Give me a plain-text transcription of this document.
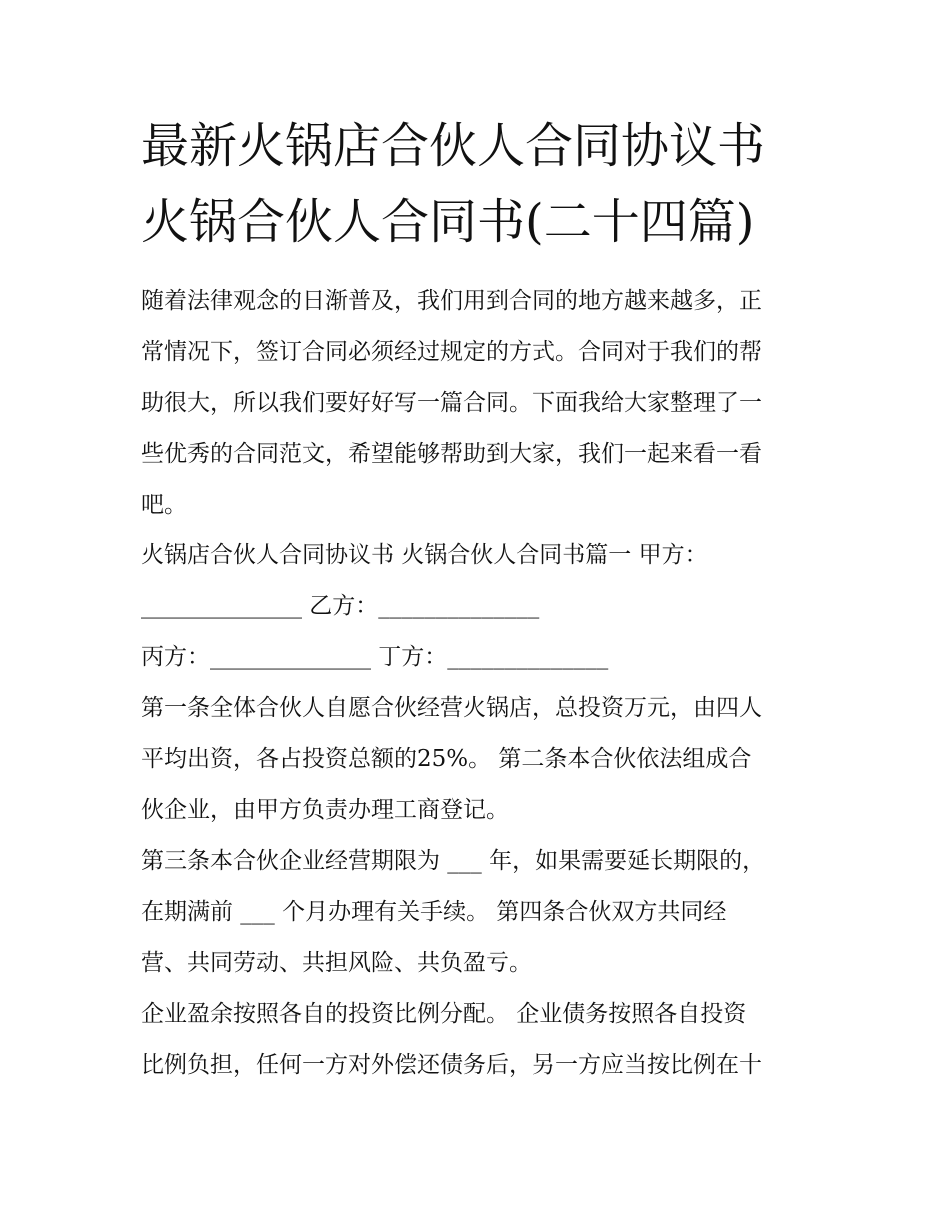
最新火锅店合伙人合同协议书
火锅合伙人合同书(二十四篇)

随着法律观念的日渐普及，我们用到合同的地方越来越多，正

常情况下，签订合同必须经过规定的方式。合同对于我们的帮

助很大，所以我们要好好写一篇合同。下面我给大家整理了一

些优秀的合同范文，希望能够帮助到大家，我们一起来看一看

吧。

火锅店合伙人合同协议书 火锅合伙人合同书篇一 甲方：

______________ 乙方：______________

丙方：______________ 丁方：______________

第一条全体合伙人自愿合伙经营火锅店，总投资万元，由四人

平均出资，各占投资总额的25%。 第二条本合伙依法组成合

伙企业，由甲方负责办理工商登记。

第三条本合伙企业经营期限为 ___ 年，如果需要延长期限的，

在期满前 ___ 个月办理有关手续。 第四条合伙双方共同经

营、共同劳动、共担风险、共负盈亏。

企业盈余按照各自的投资比例分配。 企业债务按照各自投资

比例负担，任何一方对外偿还债务后，另一方应当按比例在十
